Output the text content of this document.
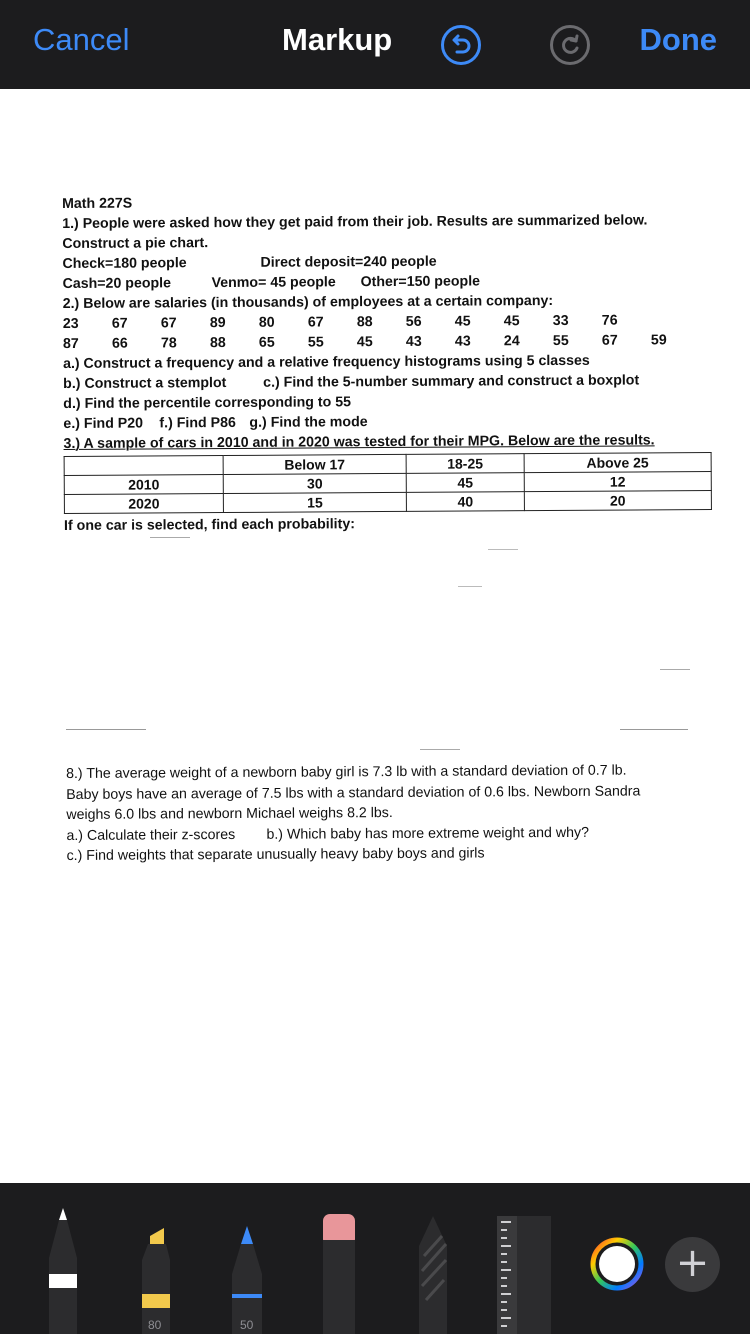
Cancel	Markup	Done
Math 227S
1.) People were asked how they get paid from their job. Results are summarized below.
Construct a pie chart.
Check=180 people	Direct deposit=240 people
Cash=20 people	Venmo= 45 people Other=150 people
2.) Below are salaries (in thousands) of employees at a certain company:
23	67	67	89	80	67	88	56	45	45	33	76
87	66	78	88	65	55	45	43	43	24	55	67	59
a.) Construct a frequency and a relative frequency histograms using 5 classes
b.) Construct a stemplot	c.) Find the 5-number summary and construct a boxplot
d.) Find the percentile corresponding to 55
e.) Find P20 f.) Find P86 g.) Find the mode
3.) A sample of cars in 2010 and in 2020 was tested for their MPG. Below are the results.
	Below 17	18-25	Above 25
2010	30	45	12
2020	15	40	20
If one car is selected, find each probability:
8.) The average weight of a newborn baby girl is 7.3 lb with a standard deviation of 0.7 lb.
Baby boys have an average of 7.5 lbs with a standard deviation of 0.6 lbs. Newborn Sandra
weighs 6.0 lbs and newborn Michael weighs 8.2 lbs.
a.) Calculate their z-scores b.) Which baby has more extreme weight and why?
c.) Find weights that separate unusually heavy baby boys and girls
80	50
+
